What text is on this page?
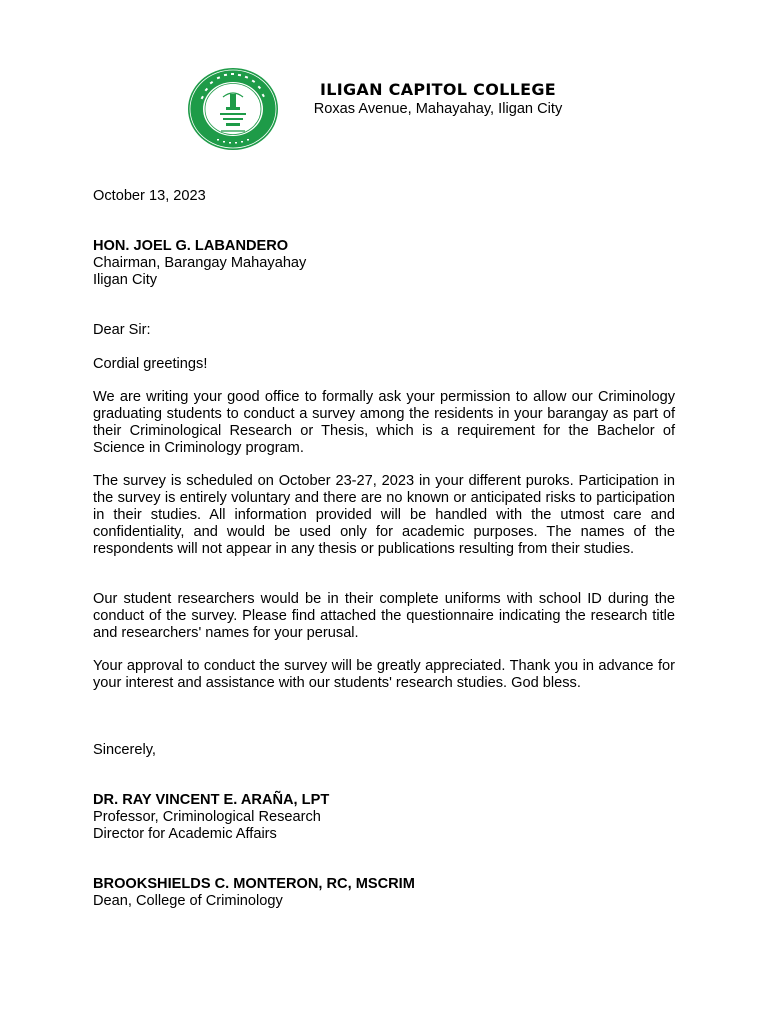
ILIGAN CAPITOL COLLEGE
Roxas Avenue, Mahayahay, Iligan City
October 13, 2023
HON. JOEL G. LABANDERO
Chairman, Barangay Mahayahay
Iligan City
Dear Sir:
Cordial greetings!
We are writing your good office to formally ask your permission to allow our Criminology graduating students to conduct a survey among the residents in your barangay as part of their Criminological Research or Thesis, which is a requirement for the Bachelor of Science in Criminology program.
The survey is scheduled on October 23-27, 2023 in your different puroks. Participation in the survey is entirely voluntary and there are no known or anticipated risks to participation in their studies. All information provided will be handled with the utmost care and confidentiality, and would be used only for academic purposes. The names of the respondents will not appear in any thesis or publications resulting from their studies.
Our student researchers would be in their complete uniforms with school ID during the conduct of the survey. Please find attached the questionnaire indicating the research title and researchers' names for your perusal.
Your approval to conduct the survey will be greatly appreciated. Thank you in advance for your interest and assistance with our students' research studies. God bless.
Sincerely,
DR. RAY VINCENT E. ARAÑA, LPT
Professor, Criminological Research
Director for Academic Affairs
BROOKSHIELDS C. MONTERON, RC, MSCRIM
Dean, College of Criminology
